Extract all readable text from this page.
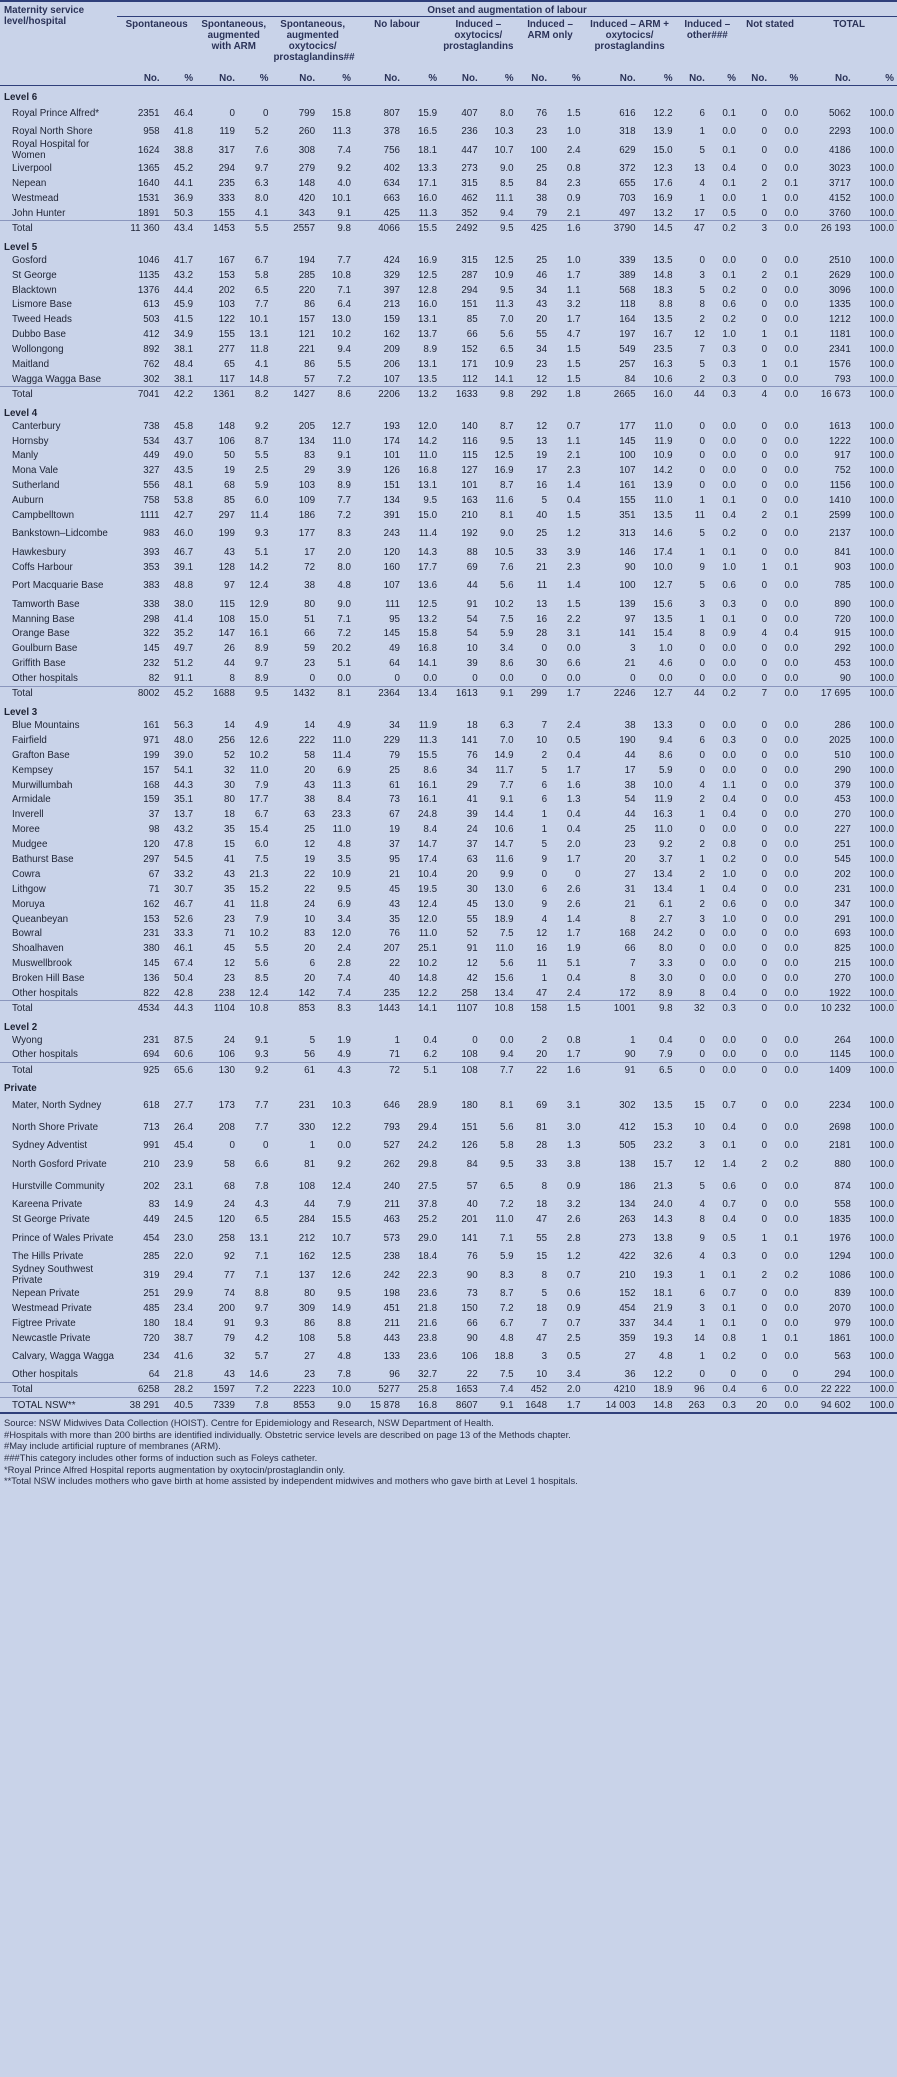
Maternity service level/hospital	Onset and augmentation of labour																			
	Spontaneous		Spontaneous, augmented with ARM		Spontaneous, augmented oxytocics/ prostaglandins##		No labour		Induced – oxytocics/ prostaglandins		Induced – ARM only		Induced – ARM + oxytocics/ prostaglandins		Induced – other###		Not stated		TOTAL	
	No.	%	No.	%	No.	%	No.	%	No.	%	No.	%	No.	%	No.	%	No.	%	No.	%
Level 6																				
Royal Prince Alfred*	2351	46.4	0	0	799	15.8	807	15.9	407	8.0	76	1.5	616	12.2	6	0.1	0	0.0	5062	100.0
Royal North Shore	958	41.8	119	5.2	260	11.3	378	16.5	236	10.3	23	1.0	318	13.9	1	0.0	0	0.0	2293	100.0
Royal Hospital for Women	1624	38.8	317	7.6	308	7.4	756	18.1	447	10.7	100	2.4	629	15.0	5	0.1	0	0.0	4186	100.0
Liverpool	1365	45.2	294	9.7	279	9.2	402	13.3	273	9.0	25	0.8	372	12.3	13	0.4	0	0.0	3023	100.0
Nepean	1640	44.1	235	6.3	148	4.0	634	17.1	315	8.5	84	2.3	655	17.6	4	0.1	2	0.1	3717	100.0
Westmead	1531	36.9	333	8.0	420	10.1	663	16.0	462	11.1	38	0.9	703	16.9	1	0.0	1	0.0	4152	100.0
John Hunter	1891	50.3	155	4.1	343	9.1	425	11.3	352	9.4	79	2.1	497	13.2	17	0.5	0	0.0	3760	100.0
Total	11 360	43.4	1453	5.5	2557	9.8	4066	15.5	2492	9.5	425	1.6	3790	14.5	47	0.2	3	0.0	26 193	100.0
Level 5																				
Gosford	1046	41.7	167	6.7	194	7.7	424	16.9	315	12.5	25	1.0	339	13.5	0	0.0	0	0.0	2510	100.0
St George	1135	43.2	153	5.8	285	10.8	329	12.5	287	10.9	46	1.7	389	14.8	3	0.1	2	0.1	2629	100.0
Blacktown	1376	44.4	202	6.5	220	7.1	397	12.8	294	9.5	34	1.1	568	18.3	5	0.2	0	0.0	3096	100.0
Lismore Base	613	45.9	103	7.7	86	6.4	213	16.0	151	11.3	43	3.2	118	8.8	8	0.6	0	0.0	1335	100.0
Tweed Heads	503	41.5	122	10.1	157	13.0	159	13.1	85	7.0	20	1.7	164	13.5	2	0.2	0	0.0	1212	100.0
Dubbo Base	412	34.9	155	13.1	121	10.2	162	13.7	66	5.6	55	4.7	197	16.7	12	1.0	1	0.1	1181	100.0
Wollongong	892	38.1	277	11.8	221	9.4	209	8.9	152	6.5	34	1.5	549	23.5	7	0.3	0	0.0	2341	100.0
Maitland	762	48.4	65	4.1	86	5.5	206	13.1	171	10.9	23	1.5	257	16.3	5	0.3	1	0.1	1576	100.0
Wagga Wagga Base	302	38.1	117	14.8	57	7.2	107	13.5	112	14.1	12	1.5	84	10.6	2	0.3	0	0.0	793	100.0
Total	7041	42.2	1361	8.2	1427	8.6	2206	13.2	1633	9.8	292	1.8	2665	16.0	44	0.3	4	0.0	16 673	100.0
Level 4																				
Canterbury	738	45.8	148	9.2	205	12.7	193	12.0	140	8.7	12	0.7	177	11.0	0	0.0	0	0.0	1613	100.0
Hornsby	534	43.7	106	8.7	134	11.0	174	14.2	116	9.5	13	1.1	145	11.9	0	0.0	0	0.0	1222	100.0
Manly	449	49.0	50	5.5	83	9.1	101	11.0	115	12.5	19	2.1	100	10.9	0	0.0	0	0.0	917	100.0
Mona Vale	327	43.5	19	2.5	29	3.9	126	16.8	127	16.9	17	2.3	107	14.2	0	0.0	0	0.0	752	100.0
Sutherland	556	48.1	68	5.9	103	8.9	151	13.1	101	8.7	16	1.4	161	13.9	0	0.0	0	0.0	1156	100.0
Auburn	758	53.8	85	6.0	109	7.7	134	9.5	163	11.6	5	0.4	155	11.0	1	0.1	0	0.0	1410	100.0
Campbelltown	1111	42.7	297	11.4	186	7.2	391	15.0	210	8.1	40	1.5	351	13.5	11	0.4	2	0.1	2599	100.0
Bankstown–Lidcombe	983	46.0	199	9.3	177	8.3	243	11.4	192	9.0	25	1.2	313	14.6	5	0.2	0	0.0	2137	100.0
Hawkesbury	393	46.7	43	5.1	17	2.0	120	14.3	88	10.5	33	3.9	146	17.4	1	0.1	0	0.0	841	100.0
Coffs Harbour	353	39.1	128	14.2	72	8.0	160	17.7	69	7.6	21	2.3	90	10.0	9	1.0	1	0.1	903	100.0
Port Macquarie Base	383	48.8	97	12.4	38	4.8	107	13.6	44	5.6	11	1.4	100	12.7	5	0.6	0	0.0	785	100.0
Tamworth Base	338	38.0	115	12.9	80	9.0	111	12.5	91	10.2	13	1.5	139	15.6	3	0.3	0	0.0	890	100.0
Manning Base	298	41.4	108	15.0	51	7.1	95	13.2	54	7.5	16	2.2	97	13.5	1	0.1	0	0.0	720	100.0
Orange Base	322	35.2	147	16.1	66	7.2	145	15.8	54	5.9	28	3.1	141	15.4	8	0.9	4	0.4	915	100.0
Goulburn Base	145	49.7	26	8.9	59	20.2	49	16.8	10	3.4	0	0.0	3	1.0	0	0.0	0	0.0	292	100.0
Griffith Base	232	51.2	44	9.7	23	5.1	64	14.1	39	8.6	30	6.6	21	4.6	0	0.0	0	0.0	453	100.0
Other hospitals	82	91.1	8	8.9	0	0.0	0	0.0	0	0.0	0	0.0	0	0.0	0	0.0	0	0.0	90	100.0
Total	8002	45.2	1688	9.5	1432	8.1	2364	13.4	1613	9.1	299	1.7	2246	12.7	44	0.2	7	0.0	17 695	100.0
Level 3																				
Blue Mountains	161	56.3	14	4.9	14	4.9	34	11.9	18	6.3	7	2.4	38	13.3	0	0.0	0	0.0	286	100.0
Fairfield	971	48.0	256	12.6	222	11.0	229	11.3	141	7.0	10	0.5	190	9.4	6	0.3	0	0.0	2025	100.0
Grafton Base	199	39.0	52	10.2	58	11.4	79	15.5	76	14.9	2	0.4	44	8.6	0	0.0	0	0.0	510	100.0
Kempsey	157	54.1	32	11.0	20	6.9	25	8.6	34	11.7	5	1.7	17	5.9	0	0.0	0	0.0	290	100.0
Murwillumbah	168	44.3	30	7.9	43	11.3	61	16.1	29	7.7	6	1.6	38	10.0	4	1.1	0	0.0	379	100.0
Armidale	159	35.1	80	17.7	38	8.4	73	16.1	41	9.1	6	1.3	54	11.9	2	0.4	0	0.0	453	100.0
Inverell	37	13.7	18	6.7	63	23.3	67	24.8	39	14.4	1	0.4	44	16.3	1	0.4	0	0.0	270	100.0
Moree	98	43.2	35	15.4	25	11.0	19	8.4	24	10.6	1	0.4	25	11.0	0	0.0	0	0.0	227	100.0
Mudgee	120	47.8	15	6.0	12	4.8	37	14.7	37	14.7	5	2.0	23	9.2	2	0.8	0	0.0	251	100.0
Bathurst Base	297	54.5	41	7.5	19	3.5	95	17.4	63	11.6	9	1.7	20	3.7	1	0.2	0	0.0	545	100.0
Cowra	67	33.2	43	21.3	22	10.9	21	10.4	20	9.9	0	0	27	13.4	2	1.0	0	0.0	202	100.0
Lithgow	71	30.7	35	15.2	22	9.5	45	19.5	30	13.0	6	2.6	31	13.4	1	0.4	0	0.0	231	100.0
Moruya	162	46.7	41	11.8	24	6.9	43	12.4	45	13.0	9	2.6	21	6.1	2	0.6	0	0.0	347	100.0
Queanbeyan	153	52.6	23	7.9	10	3.4	35	12.0	55	18.9	4	1.4	8	2.7	3	1.0	0	0.0	291	100.0
Bowral	231	33.3	71	10.2	83	12.0	76	11.0	52	7.5	12	1.7	168	24.2	0	0.0	0	0.0	693	100.0
Shoalhaven	380	46.1	45	5.5	20	2.4	207	25.1	91	11.0	16	1.9	66	8.0	0	0.0	0	0.0	825	100.0
Muswellbrook	145	67.4	12	5.6	6	2.8	22	10.2	12	5.6	11	5.1	7	3.3	0	0.0	0	0.0	215	100.0
Broken Hill Base	136	50.4	23	8.5	20	7.4	40	14.8	42	15.6	1	0.4	8	3.0	0	0.0	0	0.0	270	100.0
Other hospitals	822	42.8	238	12.4	142	7.4	235	12.2	258	13.4	47	2.4	172	8.9	8	0.4	0	0.0	1922	100.0
Total	4534	44.3	1104	10.8	853	8.3	1443	14.1	1107	10.8	158	1.5	1001	9.8	32	0.3	0	0.0	10 232	100.0
Level 2																				
Wyong	231	87.5	24	9.1	5	1.9	1	0.4	0	0.0	2	0.8	1	0.4	0	0.0	0	0.0	264	100.0
Other hospitals	694	60.6	106	9.3	56	4.9	71	6.2	108	9.4	20	1.7	90	7.9	0	0.0	0	0.0	1145	100.0
Total	925	65.6	130	9.2	61	4.3	72	5.1	108	7.7	22	1.6	91	6.5	0	0.0	0	0.0	1409	100.0
Private																				
Mater, North Sydney	618	27.7	173	7.7	231	10.3	646	28.9	180	8.1	69	3.1	302	13.5	15	0.7	0	0.0	2234	100.0
North Shore Private	713	26.4	208	7.7	330	12.2	793	29.4	151	5.6	81	3.0	412	15.3	10	0.4	0	0.0	2698	100.0
Sydney Adventist	991	45.4	0	0	1	0.0	527	24.2	126	5.8	28	1.3	505	23.2	3	0.1	0	0.0	2181	100.0
North Gosford Private	210	23.9	58	6.6	81	9.2	262	29.8	84	9.5	33	3.8	138	15.7	12	1.4	2	0.2	880	100.0
Hurstville Community	202	23.1	68	7.8	108	12.4	240	27.5	57	6.5	8	0.9	186	21.3	5	0.6	0	0.0	874	100.0
Kareena Private	83	14.9	24	4.3	44	7.9	211	37.8	40	7.2	18	3.2	134	24.0	4	0.7	0	0.0	558	100.0
St George Private	449	24.5	120	6.5	284	15.5	463	25.2	201	11.0	47	2.6	263	14.3	8	0.4	0	0.0	1835	100.0
Prince of Wales Private	454	23.0	258	13.1	212	10.7	573	29.0	141	7.1	55	2.8	273	13.8	9	0.5	1	0.1	1976	100.0
The Hills Private	285	22.0	92	7.1	162	12.5	238	18.4	76	5.9	15	1.2	422	32.6	4	0.3	0	0.0	1294	100.0
Sydney Southwest Private	319	29.4	77	7.1	137	12.6	242	22.3	90	8.3	8	0.7	210	19.3	1	0.1	2	0.2	1086	100.0
Nepean Private	251	29.9	74	8.8	80	9.5	198	23.6	73	8.7	5	0.6	152	18.1	6	0.7	0	0.0	839	100.0
Westmead Private	485	23.4	200	9.7	309	14.9	451	21.8	150	7.2	18	0.9	454	21.9	3	0.1	0	0.0	2070	100.0
Figtree Private	180	18.4	91	9.3	86	8.8	211	21.6	66	6.7	7	0.7	337	34.4	1	0.1	0	0.0	979	100.0
Newcastle Private	720	38.7	79	4.2	108	5.8	443	23.8	90	4.8	47	2.5	359	19.3	14	0.8	1	0.1	1861	100.0
Calvary, Wagga Wagga	234	41.6	32	5.7	27	4.8	133	23.6	106	18.8	3	0.5	27	4.8	1	0.2	0	0.0	563	100.0
Other hospitals	64	21.8	43	14.6	23	7.8	96	32.7	22	7.5	10	3.4	36	12.2	0	0	0	0	294	100.0
Total	6258	28.2	1597	7.2	2223	10.0	5277	25.8	1653	7.4	452	2.0	4210	18.9	96	0.4	6	0.0	22 222	100.0
TOTAL NSW**	38 291	40.5	7339	7.8	8553	9.0	15 878	16.8	8607	9.1	1648	1.7	14 003	14.8	263	0.3	20	0.0	94 602	100.0
Source: NSW Midwives Data Collection (HOIST). Centre for Epidemiology and Research, NSW Department of Health.
#Hospitals with more than 200 births are identified individually. Obstetric service levels are described on page 13 of the Methods chapter.
#May include artificial rupture of membranes (ARM).
###This category includes other forms of induction such as Foleys catheter.
*Royal Prince Alfred Hospital reports augmentation by oxytocin/prostaglandin only.
**Total NSW includes mothers who gave birth at home assisted by independent midwives and mothers who gave birth at Level 1 hospitals.
